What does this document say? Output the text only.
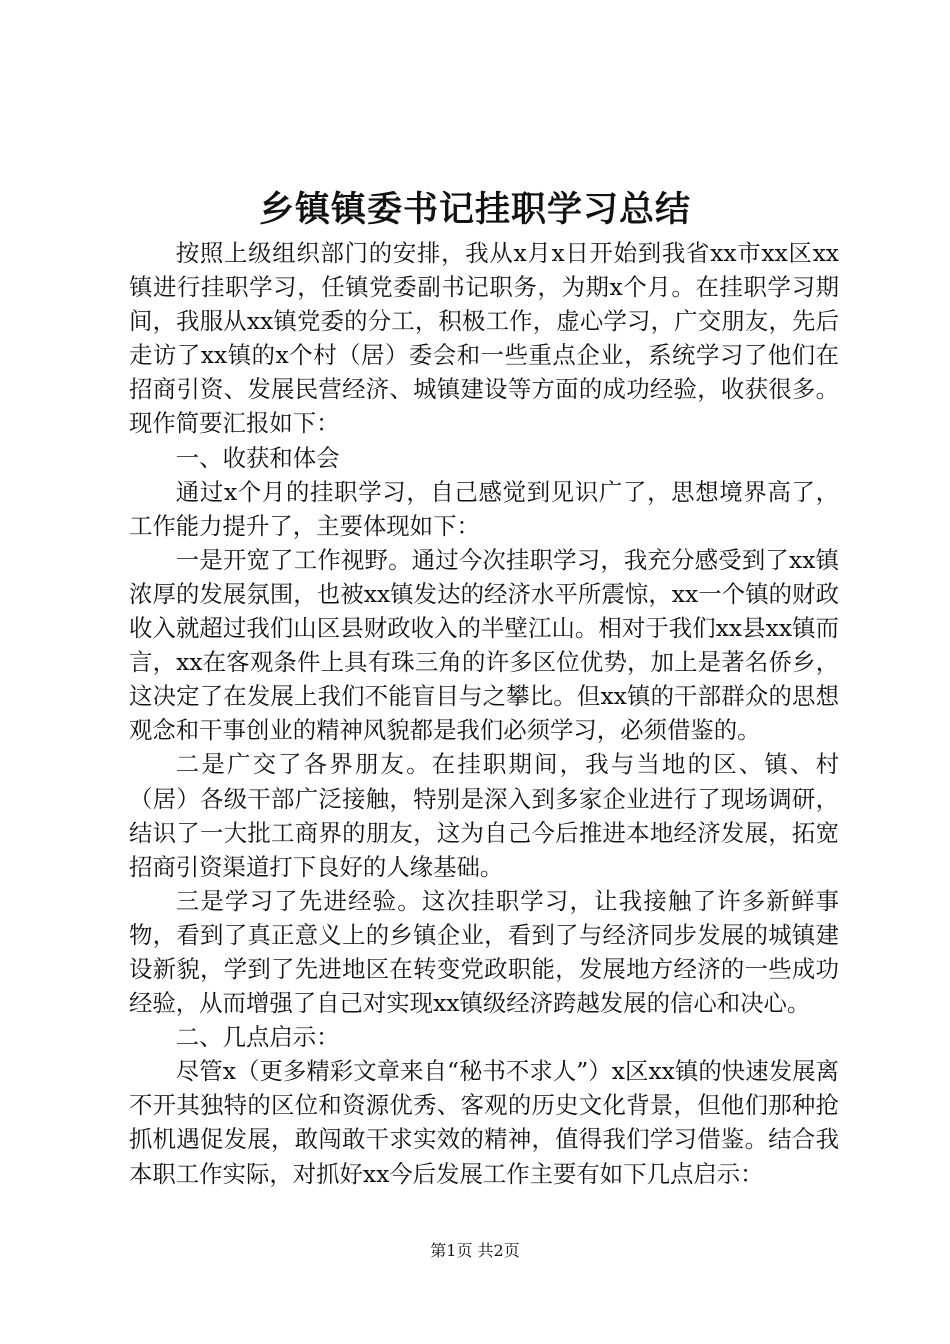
乡镇镇委书记挂职学习总结

按照上级组织部门的安排，我从x月x日开始到我省xx市xx区xx镇进行挂职学习，任镇党委副书记职务，为期x个月。在挂职学习期间，我服从xx镇党委的分工，积极工作，虚心学习，广交朋友，先后走访了xx镇的x个村（居）委会和一些重点企业，系统学习了他们在招商引资、发展民营经济、城镇建设等方面的成功经验，收获很多。现作简要汇报如下：

一、收获和体会

通过x个月的挂职学习，自己感觉到见识广了，思想境界高了，工作能力提升了，主要体现如下：

一是开宽了工作视野。通过今次挂职学习，我充分感受到了xx镇浓厚的发展氛围，也被xx镇发达的经济水平所震惊，xx一个镇的财政收入就超过我们山区县财政收入的半壁江山。相对于我们xx县xx镇而言，xx在客观条件上具有珠三角的许多区位优势，加上是著名侨乡，这决定了在发展上我们不能盲目与之攀比。但xx镇的干部群众的思想观念和干事创业的精神风貌都是我们必须学习，必须借鉴的。

二是广交了各界朋友。在挂职期间，我与当地的区、镇、村（居）各级干部广泛接触，特别是深入到多家企业进行了现场调研，结识了一大批工商界的朋友，这为自己今后推进本地经济发展，拓宽招商引资渠道打下良好的人缘基础。

三是学习了先进经验。这次挂职学习，让我接触了许多新鲜事物，看到了真正意义上的乡镇企业，看到了与经济同步发展的城镇建设新貌，学到了先进地区在转变党政职能，发展地方经济的一些成功经验，从而增强了自己对实现xx镇级经济跨越发展的信心和决心。

二、几点启示：

尽管x（更多精彩文章来自“秘书不求人”）x区xx镇的快速发展离不开其独特的区位和资源优秀、客观的历史文化背景，但他们那种抢抓机遇促发展，敢闯敢干求实效的精神，值得我们学习借鉴。结合我本职工作实际，对抓好xx今后发展工作主要有如下几点启示：

第1页 共2页
